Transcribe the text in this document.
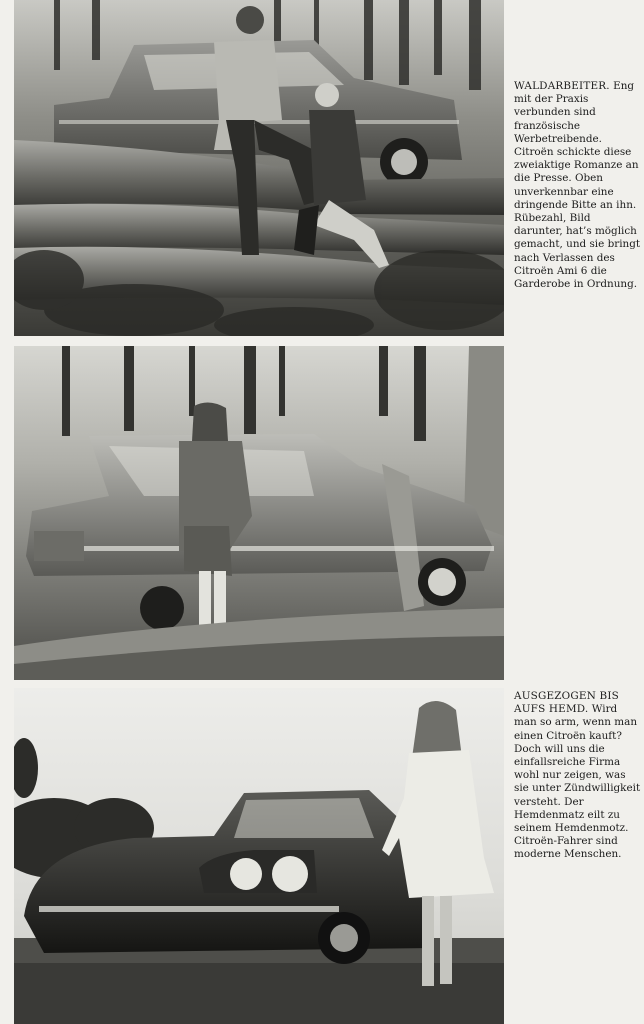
WALDARBEITER. Eng mit der Praxis verbunden sind französische Werbetreibende. Citroën schickte diese zweiaktige Romanze an die Presse. Oben unverkennbar eine dringende Bitte an ihn. Rübezahl, Bild darunter, hat’s möglich gemacht, und sie bringt nach Verlassen des Citroën Ami 6 die Garderobe in Ordnung.
AUSGEZOGEN BIS AUFS HEMD. Wird man so arm, wenn man einen Citroën kauft? Doch will uns die einfallsreiche Firma wohl nur zeigen, was sie unter Zündwilligkeit versteht. Der Hemdenmatz eilt zu seinem Hemdenmotz. Citroën-Fahrer sind moderne Menschen.
